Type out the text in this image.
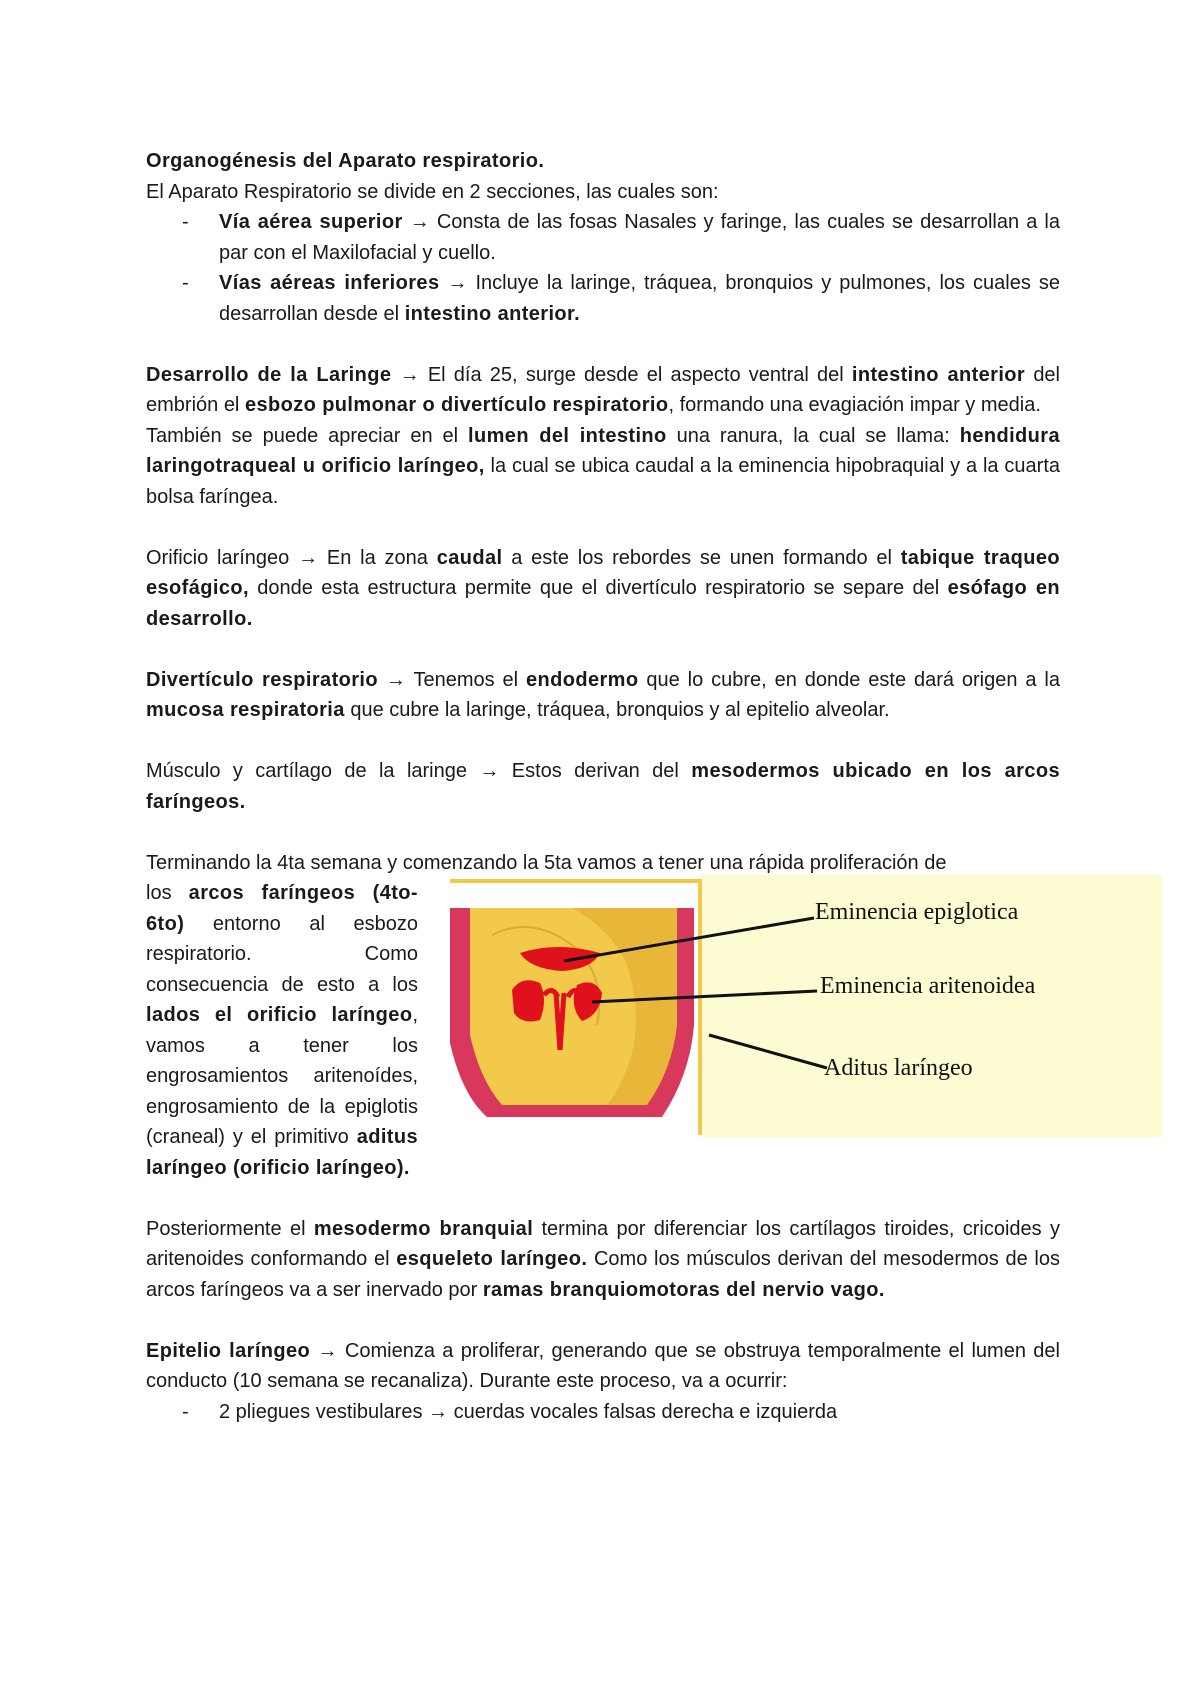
Organogénesis del Aparato respiratorio.

El Aparato Respiratorio se divide en 2 secciones, las cuales son:

- Vía aérea superior → Consta de las fosas Nasales y faringe, las cuales se desarrollan a la par con el Maxilofacial y cuello.
- Vías aéreas inferiores → Incluye la laringe, tráquea, bronquios y pulmones, los cuales se desarrollan desde el intestino anterior.

Desarrollo de la Laringe → El día 25, surge desde el aspecto ventral del intestino anterior del embrión el esbozo pulmonar o divertículo respiratorio, formando una evagiación impar y media.

También se puede apreciar en el lumen del intestino una ranura, la cual se llama: hendidura laringotraqueal u orificio laríngeo, la cual se ubica caudal a la eminencia hipobraquial y a la cuarta bolsa faríngea.

Orificio laríngeo → En la zona caudal a este los rebordes se unen formando el tabique traqueo esofágico, donde esta estructura permite que el divertículo respiratorio se separe del esófago en desarrollo.

Divertículo respiratorio → Tenemos el endodermo que lo cubre, en donde este dará origen a la mucosa respiratoria que cubre la laringe, tráquea, bronquios y al epitelio alveolar.

Músculo y cartílago de la laringe → Estos derivan del mesodermos ubicado en los arcos faríngeos.

Terminando la 4ta semana y comenzando la 5ta vamos a tener una rápida proliferación de

los arcos faríngeos (4to-6to) entorno al esbozo respiratorio. Como consecuencia de esto a los lados el orificio laríngeo, vamos a tener los engrosamientos aritenoídes, engrosamiento de la epiglotis (craneal) y el primitivo aditus laríngeo (orificio laríngeo).

Eminencia epiglotica
Eminencia aritenoidea
Aditus laríngeo

Posteriormente el mesodermo branquial termina por diferenciar los cartílagos tiroides, cricoides y aritenoides conformando el esqueleto laríngeo. Como los músculos derivan del mesodermos de los arcos faríngeos va a ser inervado por ramas branquiomotoras del nervio vago.

Epitelio laríngeo → Comienza a proliferar, generando que se obstruya temporalmente el lumen del conducto (10 semana se recanaliza). Durante este proceso, va a ocurrir:

- 2 pliegues vestibulares → cuerdas vocales falsas derecha e izquierda
